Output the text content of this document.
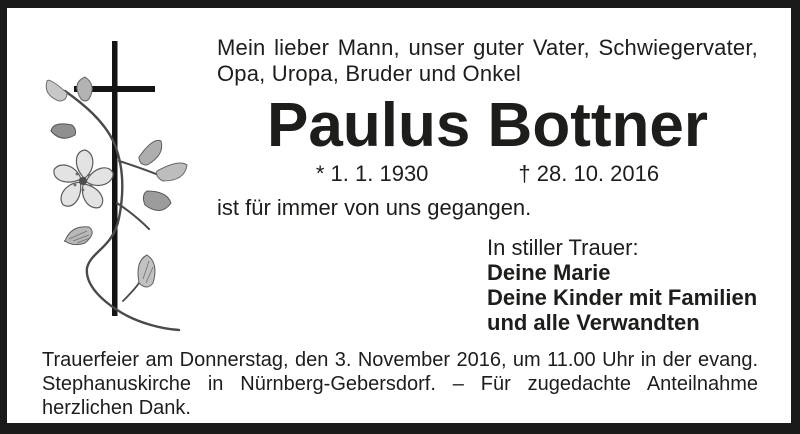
Mein lieber Mann, unser guter Vater, Schwiegervater, Opa, Uropa, Bruder und Onkel

Paulus Bottner
* 1. 1. 1930	† 28. 10. 2016

ist für immer von uns gegangen.

In stiller Trauer:
Deine Marie
Deine Kinder mit Familien
und alle Verwandten

Trauerfeier am Donnerstag, den 3. November 2016, um 11.00 Uhr in der evang. Stephanuskirche in Nürnberg-Gebersdorf. – Für zugedachte Anteilnahme herzlichen Dank.
